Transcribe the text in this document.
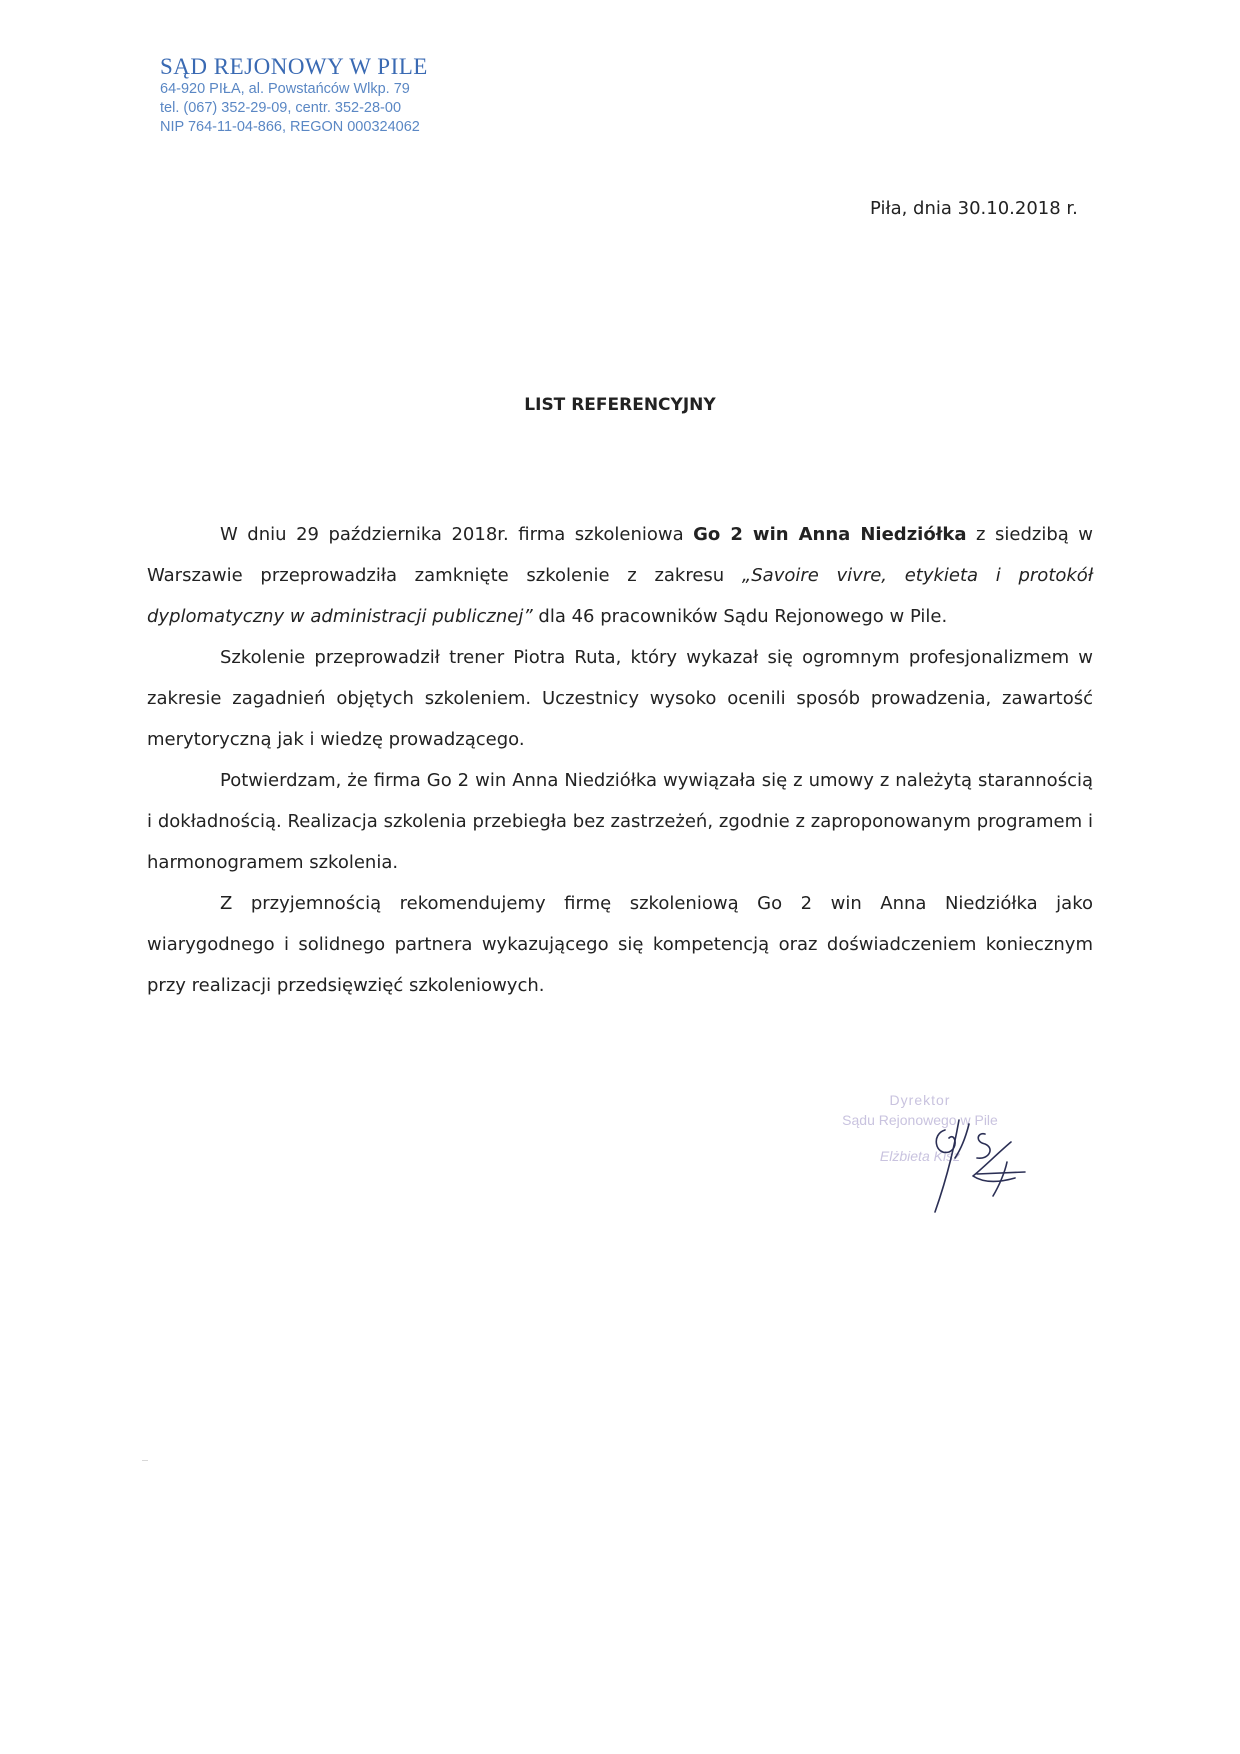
SĄD REJONOWY W PILE
64-920 PIŁA, al. Powstańców Wlkp. 79
tel. (067) 352-29-09, centr. 352-28-00
NIP 764-11-04-866, REGON 000324062
Piła, dnia 30.10.2018 r.
LIST REFERENCYJNY

W dniu 29 października 2018r. firma szkoleniowa Go 2 win Anna Niedziółka z siedzibą w Warszawie przeprowadziła zamknięte szkolenie z zakresu „Savoire vivre, etykieta i protokół dyplomatyczny w administracji publicznej” dla 46 pracowników Sądu Rejonowego w Pile.

Szkolenie przeprowadził trener Piotra Ruta, który wykazał się ogromnym profesjonalizmem w zakresie zagadnień objętych szkoleniem. Uczestnicy wysoko ocenili sposób prowadzenia, zawartość merytoryczną jak i wiedzę prowadzącego.

Potwierdzam, że firma Go 2 win Anna Niedziółka wywiązała się z umowy z należytą starannością i dokładnością. Realizacja szkolenia przebiegła bez zastrzeżeń, zgodnie z zaproponowanym programem i harmonogramem szkolenia.

Z przyjemnością rekomendujemy firmę szkoleniową Go 2 win Anna Niedziółka jako wiarygodnego i solidnego partnera wykazującego się kompetencją oraz doświadczeniem koniecznym przy realizacji przedsięwzięć szkoleniowych.

Dyrektor
Sądu Rejonowego w Pile
Elżbieta Kisz
